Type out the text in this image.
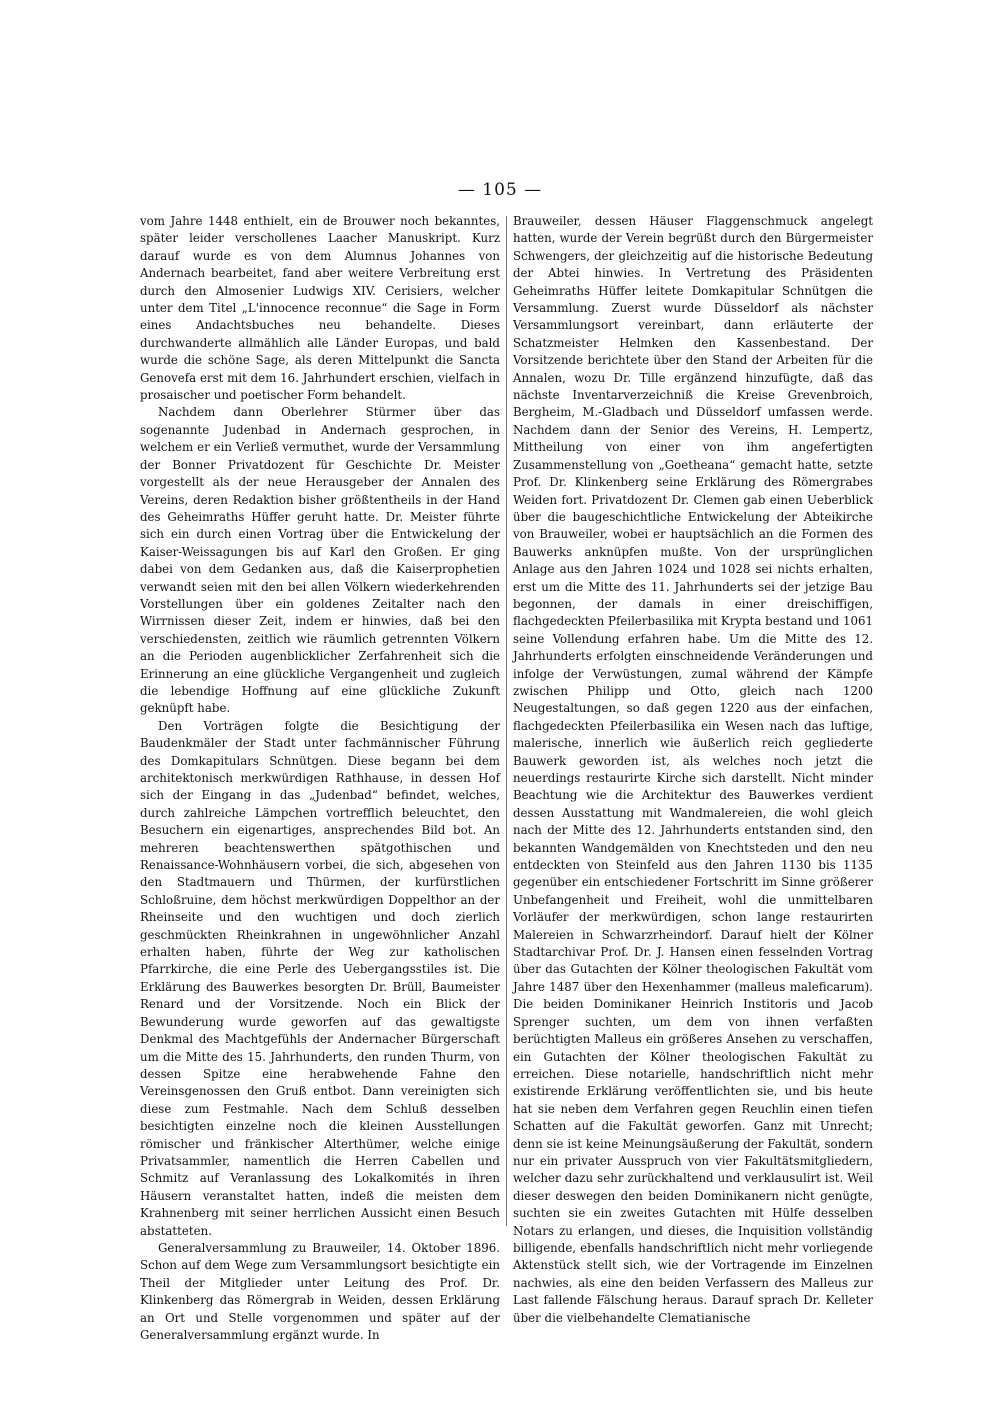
— 105 —

vom Jahre 1448 enthielt, ein de Brouwer noch bekanntes, später leider verschollenes Laacher Manuskript. Kurz darauf wurde es von dem Alumnus Johannes von Andernach bearbeitet, fand aber weitere Verbreitung erst durch den Almosenier Ludwigs XIV. Cerisiers, welcher unter dem Titel „L'innocence reconnue“ die Sage in Form eines Andachtsbuches neu behandelte. Dieses durchwanderte allmählich alle Länder Europas, und bald wurde die schöne Sage, als deren Mittelpunkt die Sancta Genovefa erst mit dem 16. Jahrhundert erschien, vielfach in prosaischer und poetischer Form behandelt.

Nachdem dann Oberlehrer Stürmer über das sogenannte Judenbad in Andernach gesprochen, in welchem er ein Verließ vermuthet, wurde der Versammlung der Bonner Privatdozent für Geschichte Dr. Meister vorgestellt als der neue Herausgeber der Annalen des Vereins, deren Redaktion bisher größtentheils in der Hand des Geheimraths Hüffer geruht hatte. Dr. Meister führte sich ein durch einen Vortrag über die Entwickelung der Kaiser-Weissagungen bis auf Karl den Großen. Er ging dabei von dem Gedanken aus, daß die Kaiserprophetien verwandt seien mit den bei allen Völkern wiederkehrenden Vorstellungen über ein goldenes Zeitalter nach den Wirrnissen dieser Zeit, indem er hinwies, daß bei den verschiedensten, zeitlich wie räumlich getrennten Völkern an die Perioden augenblicklicher Zerfahrenheit sich die Erinnerung an eine glückliche Vergangenheit und zugleich die lebendige Hoffnung auf eine glückliche Zukunft geknüpft habe.

Den Vorträgen folgte die Besichtigung der Baudenkmäler der Stadt unter fachmännischer Führung des Domkapitulars Schnütgen. Diese begann bei dem architektonisch merkwürdigen Rathhause, in dessen Hof sich der Eingang in das „Judenbad“ befindet, welches, durch zahlreiche Lämpchen vortrefflich beleuchtet, den Besuchern ein eigenartiges, ansprechendes Bild bot. An mehreren beachtenswerthen spätgothischen und Renaissance-Wohnhäusern vorbei, die sich, abgesehen von den Stadtmauern und Thürmen, der kurfürstlichen Schloßruine, dem höchst merkwürdigen Doppelthor an der Rheinseite und den wuchtigen und doch zierlich geschmückten Rheinkrahnen in ungewöhnlicher Anzahl erhalten haben, führte der Weg zur katholischen Pfarrkirche, die eine Perle des Uebergangsstiles ist. Die Erklärung des Bauwerkes besorgten Dr. Brüll, Baumeister Renard und der Vorsitzende. Noch ein Blick der Bewunderung wurde geworfen auf das gewaltigste Denkmal des Machtgefühls der Andernacher Bürgerschaft um die Mitte des 15. Jahrhunderts, den runden Thurm, von dessen Spitze eine herabwehende Fahne den Vereinsgenossen den Gruß entbot. Dann vereinigten sich diese zum Festmahle. Nach dem Schluß desselben besichtigten einzelne noch die kleinen Ausstellungen römischer und fränkischer Alterthümer, welche einige Privatsammler, namentlich die Herren Cabellen und Schmitz auf Veranlassung des Lokalkomités in ihren Häusern veranstaltet hatten, indeß die meisten dem Krahnenberg mit seiner herrlichen Aussicht einen Besuch abstatteten.

Generalversammlung zu Brauweiler, 14. Oktober 1896. Schon auf dem Wege zum Versammlungsort besichtigte ein Theil der Mitglieder unter Leitung des Prof. Dr. Klinkenberg das Römergrab in Weiden, dessen Erklärung an Ort und Stelle vorgenommen und später auf der Generalversammlung ergänzt wurde. In

Brauweiler, dessen Häuser Flaggenschmuck angelegt hatten, wurde der Verein begrüßt durch den Bürgermeister Schwengers, der gleichzeitig auf die historische Bedeutung der Abtei hinwies. In Vertretung des Präsidenten Geheimraths Hüffer leitete Domkapitular Schnütgen die Versammlung. Zuerst wurde Düsseldorf als nächster Versammlungsort vereinbart, dann erläuterte der Schatzmeister Helmken den Kassenbestand. Der Vorsitzende berichtete über den Stand der Arbeiten für die Annalen, wozu Dr. Tille ergänzend hinzufügte, daß das nächste Inventarverzeichniß die Kreise Grevenbroich, Bergheim, M.-Gladbach und Düsseldorf umfassen werde. Nachdem dann der Senior des Vereins, H. Lempertz, Mittheilung von einer von ihm angefertigten Zusammenstellung von „Goetheana“ gemacht hatte, setzte Prof. Dr. Klinkenberg seine Erklärung des Römergrabes Weiden fort. Privatdozent Dr. Clemen gab einen Ueberblick über die baugeschichtliche Entwickelung der Abteikirche von Brauweiler, wobei er hauptsächlich an die Formen des Bauwerks anknüpfen mußte. Von der ursprünglichen Anlage aus den Jahren 1024 und 1028 sei nichts erhalten, erst um die Mitte des 11. Jahrhunderts sei der jetzige Bau begonnen, der damals in einer dreischiffigen, flachgedeckten Pfeilerbasilika mit Krypta bestand und 1061 seine Vollendung erfahren habe. Um die Mitte des 12. Jahrhunderts erfolgten einschneidende Veränderungen und infolge der Verwüstungen, zumal während der Kämpfe zwischen Philipp und Otto, gleich nach 1200 Neugestaltungen, so daß gegen 1220 aus der einfachen, flachgedeckten Pfeilerbasilika ein Wesen nach das luftige, malerische, innerlich wie äußerlich reich gegliederte Bauwerk geworden ist, als welches noch jetzt die neuerdings restaurirte Kirche sich darstellt. Nicht minder Beachtung wie die Architektur des Bauwerkes verdient dessen Ausstattung mit Wandmalereien, die wohl gleich nach der Mitte des 12. Jahrhunderts entstanden sind, den bekannten Wandgemälden von Knechtsteden und den neu entdeckten von Steinfeld aus den Jahren 1130 bis 1135 gegenüber ein entschiedener Fortschritt im Sinne größerer Unbefangenheit und Freiheit, wohl die unmittelbaren Vorläufer der merkwürdigen, schon lange restaurirten Malereien in Schwarzrheindorf. Darauf hielt der Kölner Stadtarchivar Prof. Dr. J. Hansen einen fesselnden Vortrag über das Gutachten der Kölner theologischen Fakultät vom Jahre 1487 über den Hexenhammer (malleus maleficarum). Die beiden Dominikaner Heinrich Institoris und Jacob Sprenger suchten, um dem von ihnen verfaßten berüchtigten Malleus ein größeres Ansehen zu verschaffen, ein Gutachten der Kölner theologischen Fakultät zu erreichen. Diese notarielle, handschriftlich nicht mehr existirende Erklärung veröffentlichten sie, und bis heute hat sie neben dem Verfahren gegen Reuchlin einen tiefen Schatten auf die Fakultät geworfen. Ganz mit Unrecht; denn sie ist keine Meinungsäußerung der Fakultät, sondern nur ein privater Ausspruch von vier Fakultätsmitgliedern, welcher dazu sehr zurückhaltend und verklausulirt ist. Weil dieser deswegen den beiden Dominikanern nicht genügte, suchten sie ein zweites Gutachten mit Hülfe desselben Notars zu erlangen, und dieses, die Inquisition vollständig billigende, ebenfalls handschriftlich nicht mehr vorliegende Aktenstück stellt sich, wie der Vortragende im Einzelnen nachwies, als eine den beiden Verfassern des Malleus zur Last fallende Fälschung heraus. Darauf sprach Dr. Kelleter über die vielbehandelte Clematianische
